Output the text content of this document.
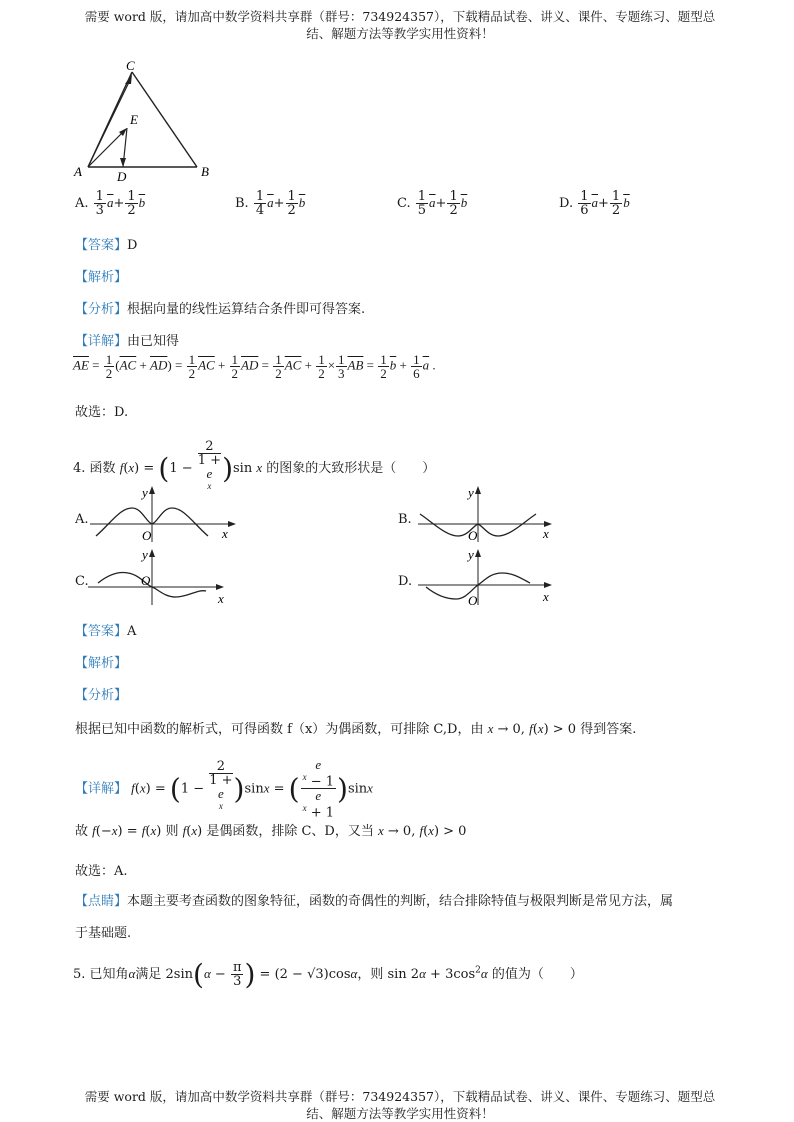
需要 word 版，请加高中数学资料共享群（群号：734924357），下载精品试卷、讲义、课件、专题练习、题型总
结、解题方法等教学实用性资料！
C
E
A	D	B
A. $\frac{1}{3} \overline{a}+ \frac{1}{2} \overline{b}$	B. $\frac{1}{4} \overline{a}+ \frac{1}{2} \overline{b}$	C. $\frac{1}{5} \overline{a}+ \frac{1}{2} \overline{b}$	D. $\frac{1}{6} \overline{a}+ \frac{1}{2} \overline{b}$
【答案】D
【解析】
【分析】根据向量的线性运算结合条件即可得答案.
【详解】由已知得
$\overline{AE} = \frac{1}{2} (\overline{AC} + \overline{AD}) = \frac{1}{2} \overline{AC} + \frac{1}{2} \overline{AD} = \frac{1}{2} \overline{AC} + \frac{1}{2} \times \frac{1}{3} \overline{AB} = \frac{1}{2} \overline{b} + \frac{1}{6} \overline{a}$ .
故选：D.
4. 函数 f(x) = (1 − 2
1 +
e
$^x$ )sin x 的图象的大致形状是（　　）
A.
y
x
O
B.
y
x
O
C.
y
x
O	D.
y
x
O
【答案】A
【解析】
【分析】
根据已知中函数的解析式，可得函数 f（x）为偶函数，可排除 C,D，由 x → 0, f(x) > 0 得到答案.
【详解】 f(x) = (1 − 2
1 +
e
$^x$ )sinx = ( e
$^x$ − 1
e
$^x$ + 1 )sinx
故 f(−x) = f(x) 则 f(x) 是偶函数，排除 C、D，又当 x → 0, f(x) > 0
故选：A.
【点睛】本题主要考查函数的图象特征，函数的奇偶性的判断，结合排除特值与极限判断是常见方法，属
于基础题.
5. 已知角α满足 $2\sin(\alpha - \frac{\pi}{3}$ ) = (2 − √3)cosα，则 $\sin 2\alpha + 3\cos^2\alpha$ 的值为（　　）
需要 word 版，请加高中数学资料共享群（群号：734924357），下载精品试卷、讲义、课件、专题练习、题型总
结、解题方法等教学实用性资料！
